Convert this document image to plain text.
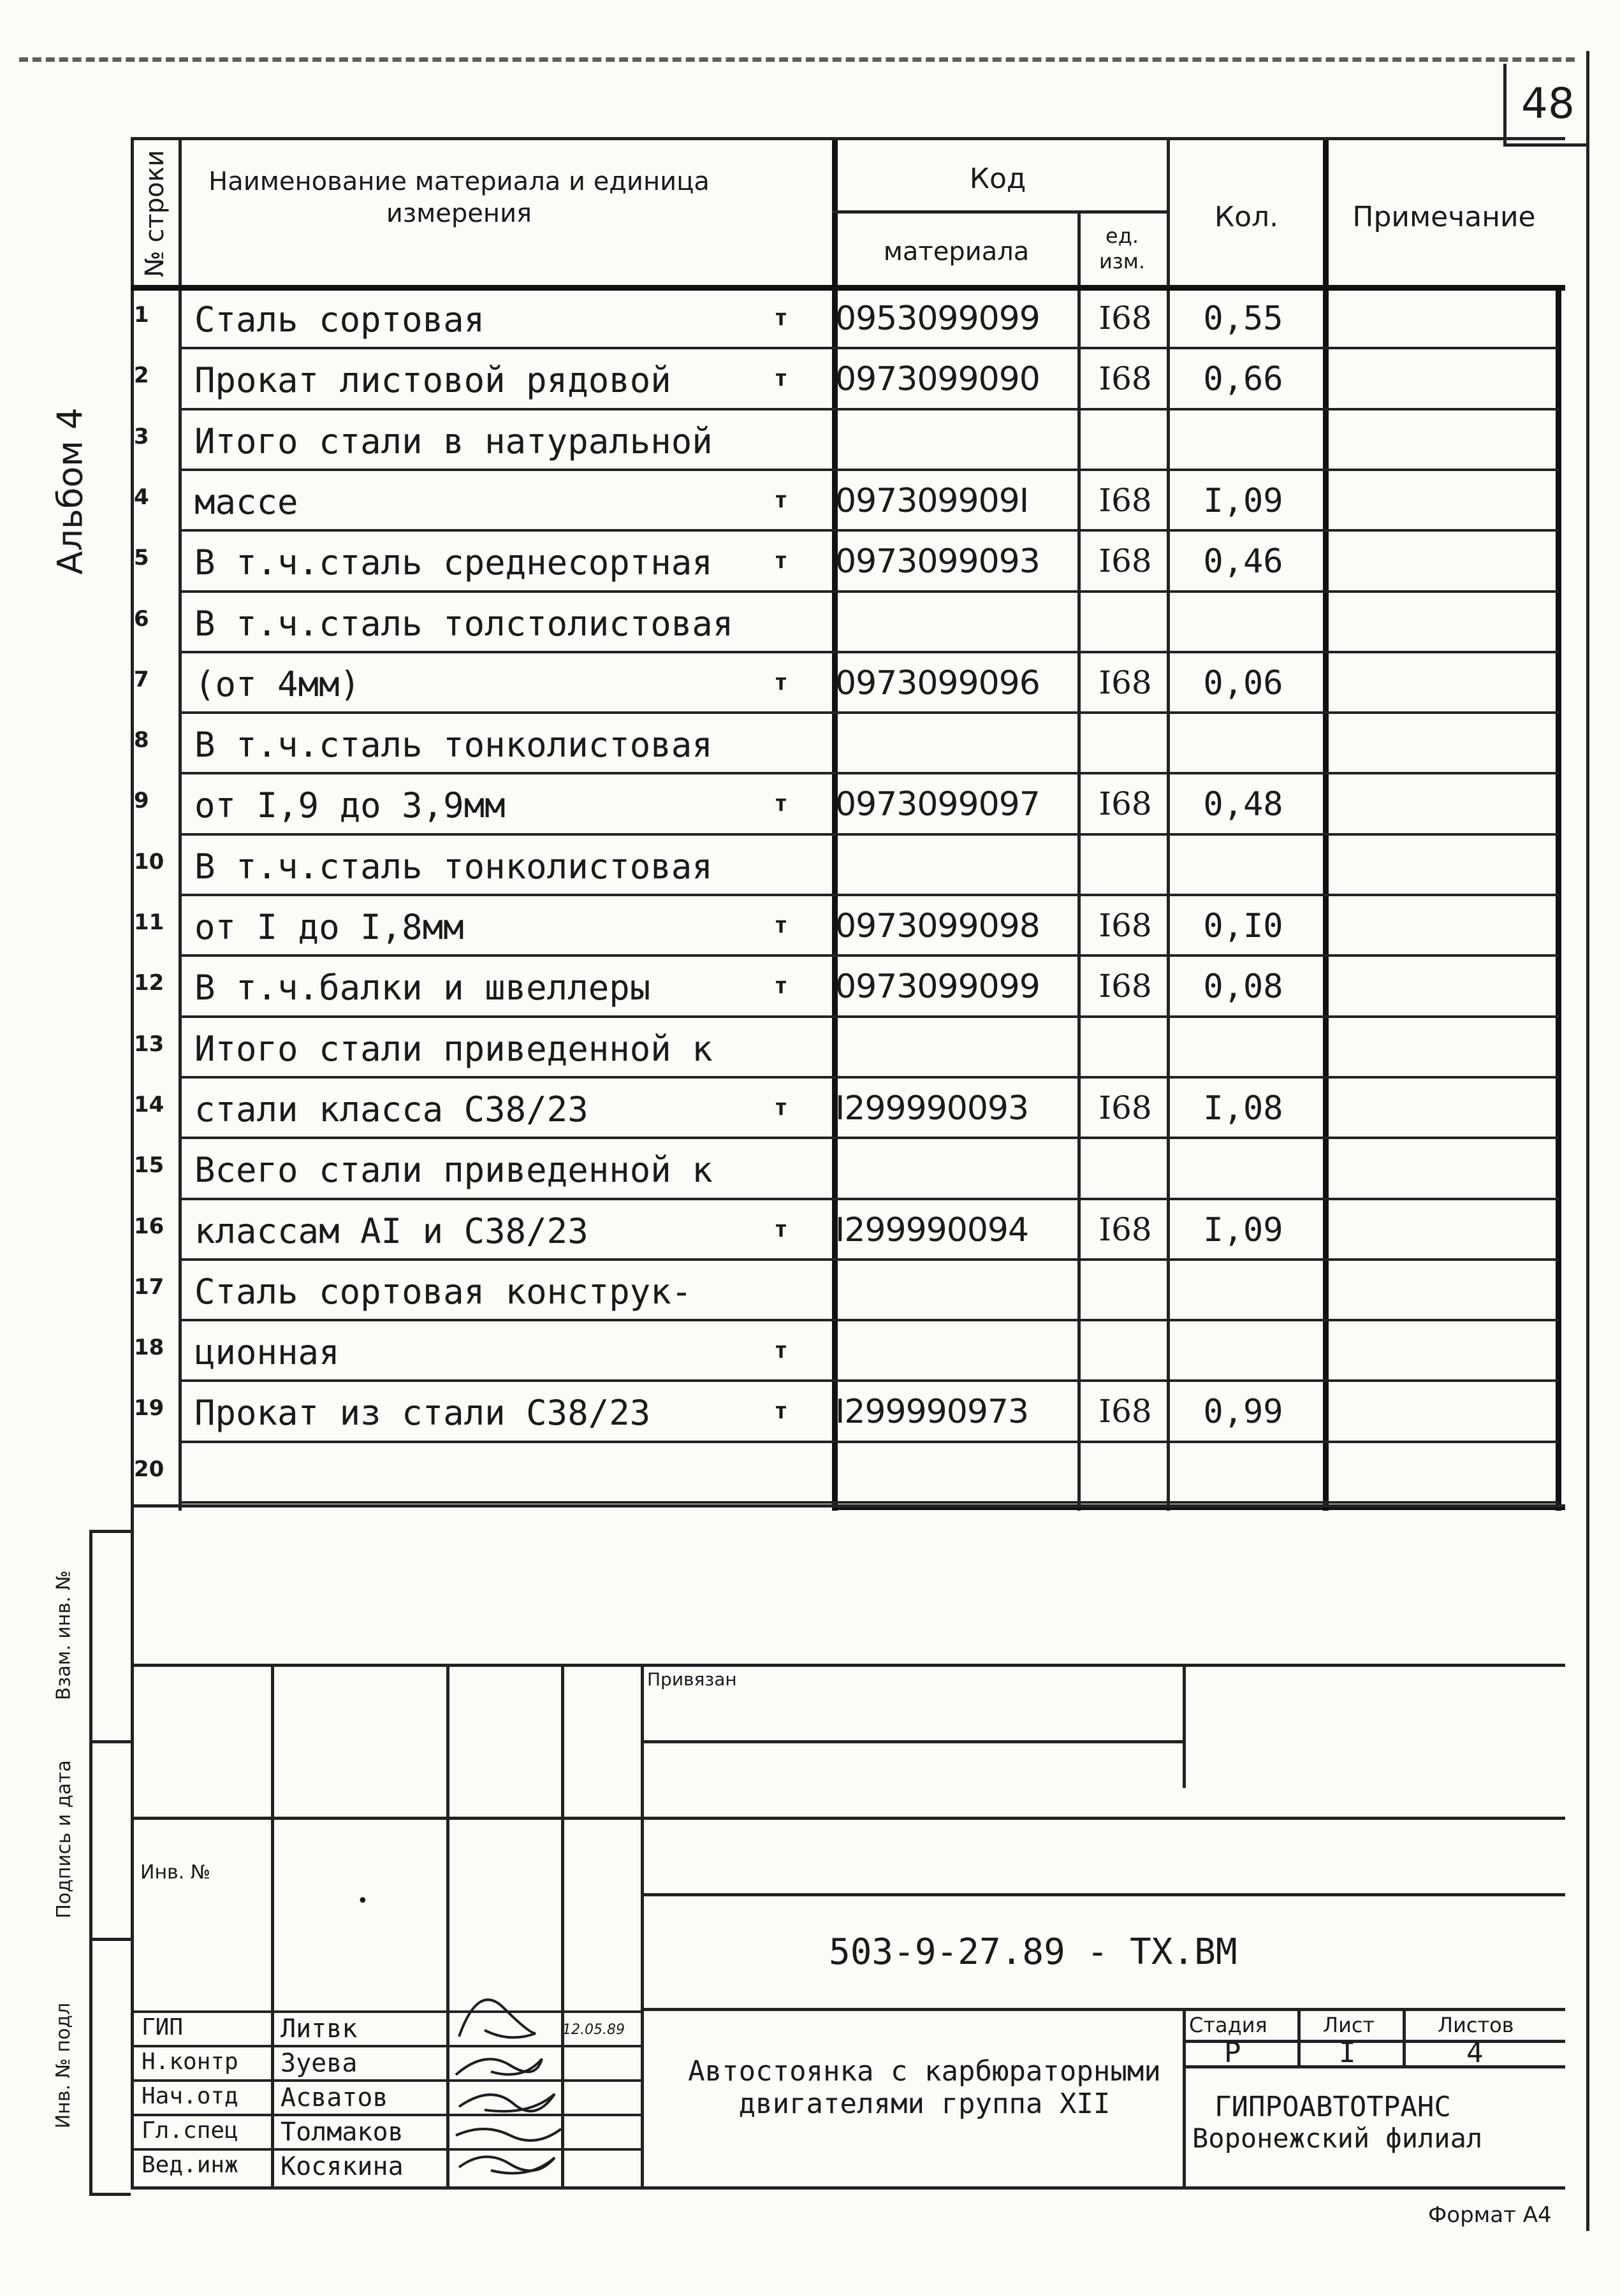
48
Альбом 4
№ строки	Наименование материала и единица измерения
Код
материала
ед. изм.
Кол.	Примечание
1	Сталь сортовая	т	0953099099	I68	0,55
2	Прокат листовой рядовой	т	0973099090	I68	0,66
3	Итого стали в натуральной
4	массе	т	097309909I	I68	I,09
5	В т.ч.сталь среднесортная	т	0973099093	I68	0,46
6	В т.ч.сталь толстолистовая
7	(от 4мм)	т	0973099096	I68	0,06
8	В т.ч.сталь тонколистовая
9	от I,9 до 3,9мм	т	0973099097	I68	0,48
10 В т.ч.сталь тонколистовая
11 от I до I,8мм	т	0973099098	I68	0,I0
12 В т.ч.балки и швеллеры	т	0973099099	I68	0,08
13 Итого стали приведенной к
14 стали класса С38/23	т	I299990093	I68	I,08
15 Всего стали приведенной к
16 классам АI и С38/23	т	I299990094	I68	I,09
17 Сталь сортовая конструк-
18 ционная	т
19 Прокат из стали С38/23	т	I299990973	I68	0,99
20
Взам. инв. №
Подпись и дата
Инв. № подл
Привязан
Инв. №
•
503-9-27.89 - ТХ.ВМ
ГИП	Литвк
Н.контр Зуева
Нач.отд Асватов
Гл.спец Толмаков
Вед.инж Косякина
12.05.89
Автостоянка с карбюраторными двигателями группа XII
Стадия	Лист	Листов
Р	I	4
ГИПРОАВТОТРАНС
Воронежский филиал
Формат А4
